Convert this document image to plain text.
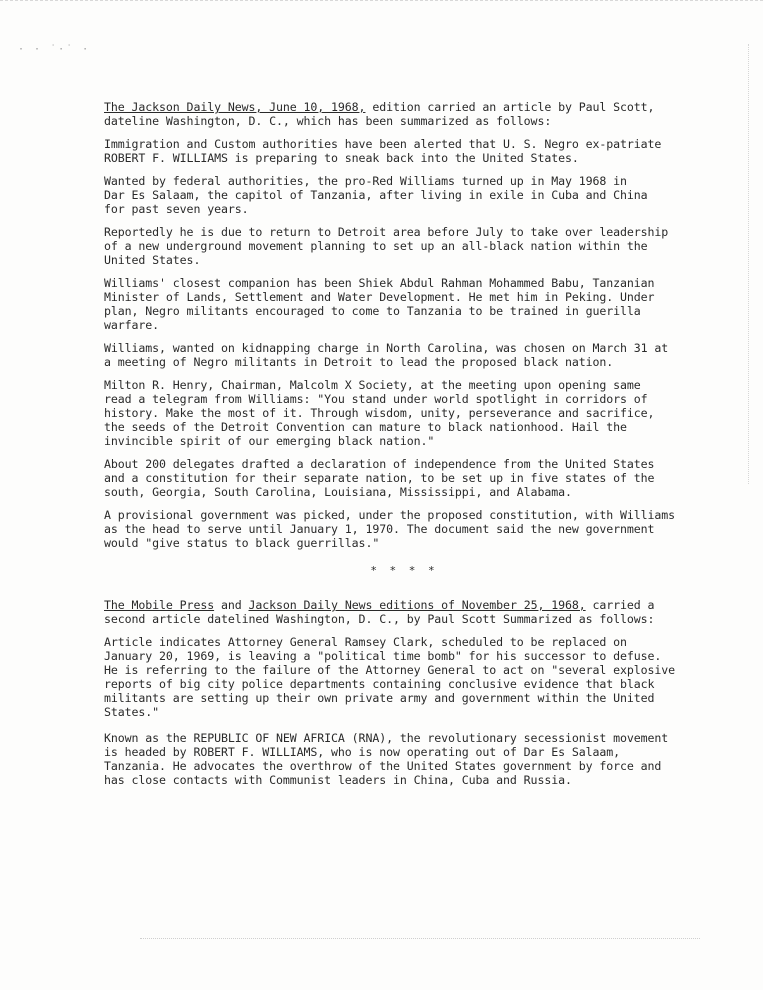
· · ˙·˙ ·

The Jackson Daily News, June 10, 1968, edition carried an article by Paul Scott,
dateline Washington, D. C., which has been summarized as follows:

Immigration and Custom authorities have been alerted that U. S. Negro ex-patriate
ROBERT F. WILLIAMS is preparing to sneak back into the United States.

Wanted by federal authorities, the pro-Red Williams turned up in May 1968 in
Dar Es Salaam, the capitol of Tanzania, after living in exile in Cuba and China
for past seven years.

Reportedly he is due to return to Detroit area before July to take over leadership
of a new underground movement planning to set up an all-black nation within the
United States.

Williams' closest companion has been Shiek Abdul Rahman Mohammed Babu, Tanzanian
Minister of Lands, Settlement and Water Development. He met him in Peking. Under
plan, Negro militants encouraged to come to Tanzania to be trained in guerilla
warfare.

Williams, wanted on kidnapping charge in North Carolina, was chosen on March 31 at
a meeting of Negro militants in Detroit to lead the proposed black nation.

Milton R. Henry, Chairman, Malcolm X Society, at the meeting upon opening same
read a telegram from Williams: "You stand under world spotlight in corridors of
history. Make the most of it. Through wisdom, unity, perseverance and sacrifice,
the seeds of the Detroit Convention can mature to black nationhood. Hail the
invincible spirit of our emerging black nation."

About 200 delegates drafted a declaration of independence from the United States
and a constitution for their separate nation, to be set up in five states of the
south, Georgia, South Carolina, Louisiana, Mississippi, and Alabama.

A provisional government was picked, under the proposed constitution, with Williams
as the head to serve until January 1, 1970. The document said the new government
would "give status to black guerrillas."

* * * *

The Mobile Press and Jackson Daily News editions of November 25, 1968, carried a
second article datelined Washington, D. C., by Paul Scott Summarized as follows:

Article indicates Attorney General Ramsey Clark, scheduled to be replaced on
January 20, 1969, is leaving a "political time bomb" for his successor to defuse.
He is referring to the failure of the Attorney General to act on "several explosive
reports of big city police departments containing conclusive evidence that black
militants are setting up their own private army and government within the United
States."

Known as the REPUBLIC OF NEW AFRICA (RNA), the revolutionary secessionist movement
is headed by ROBERT F. WILLIAMS, who is now operating out of Dar Es Salaam,
Tanzania. He advocates the overthrow of the United States government by force and
has close contacts with Communist leaders in China, Cuba and Russia.
